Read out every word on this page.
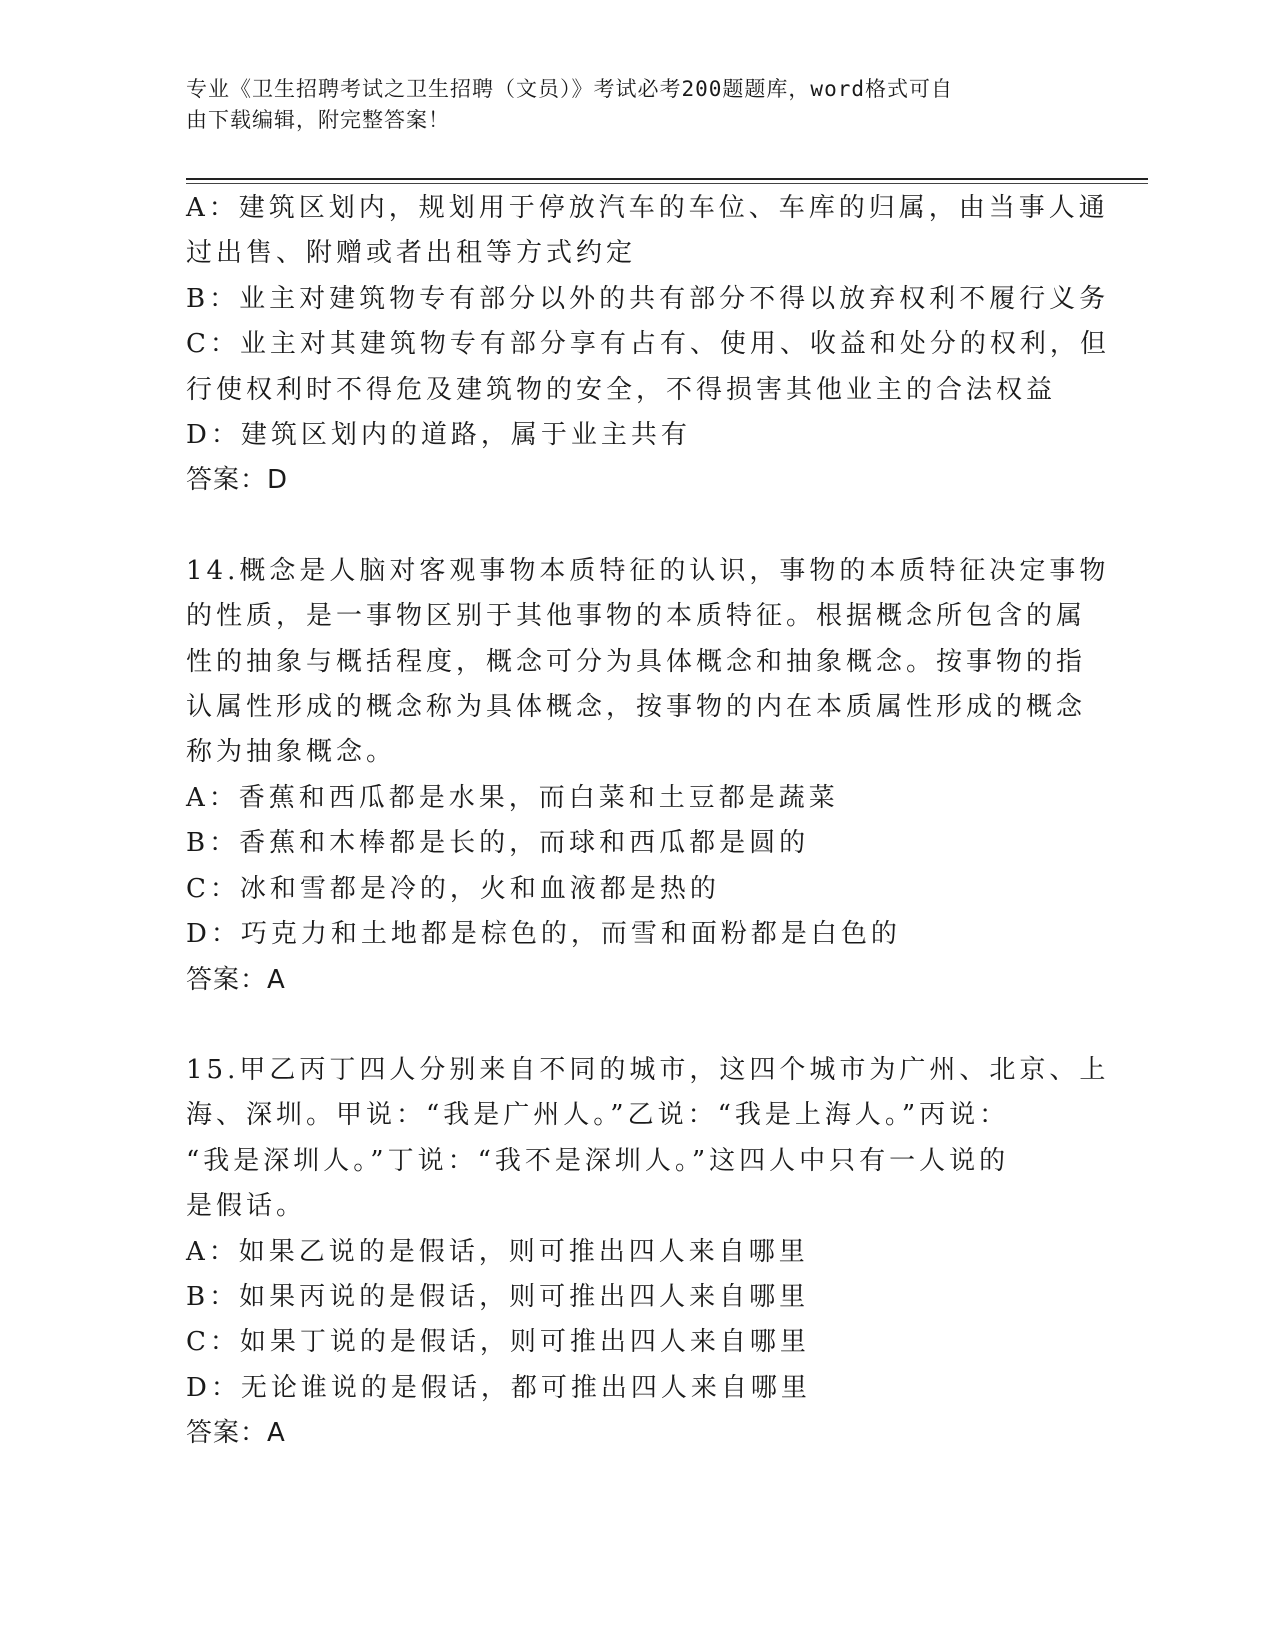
专业《卫生招聘考试之卫生招聘（文员）》考试必考200题题库，word格式可自
由下载编辑，附完整答案！
A：建筑区划内，规划用于停放汽车的车位、车库的归属，由当事人通
过出售、附赠或者出租等方式约定
B：业主对建筑物专有部分以外的共有部分不得以放弃权利不履行义务
C：业主对其建筑物专有部分享有占有、使用、收益和处分的权利，但
行使权利时不得危及建筑物的安全，不得损害其他业主的合法权益
D：建筑区划内的道路，属于业主共有
答案：D
14.概念是人脑对客观事物本质特征的认识，事物的本质特征决定事物
的性质，是一事物区别于其他事物的本质特征。根据概念所包含的属
性的抽象与概括程度，概念可分为具体概念和抽象概念。按事物的指
认属性形成的概念称为具体概念，按事物的内在本质属性形成的概念
称为抽象概念。
A：香蕉和西瓜都是水果，而白菜和土豆都是蔬菜
B：香蕉和木棒都是长的，而球和西瓜都是圆的
C：冰和雪都是冷的，火和血液都是热的
D：巧克力和土地都是棕色的，而雪和面粉都是白色的
答案：A
15.甲乙丙丁四人分别来自不同的城市，这四个城市为广州、北京、上
海、深圳。甲说：“我是广州人。”乙说：“我是上海人。”丙说：
“我是深圳人。”丁说：“我不是深圳人。”这四人中只有一人说的
是假话。
A：如果乙说的是假话，则可推出四人来自哪里
B：如果丙说的是假话，则可推出四人来自哪里
C：如果丁说的是假话，则可推出四人来自哪里
D：无论谁说的是假话，都可推出四人来自哪里
答案：A
